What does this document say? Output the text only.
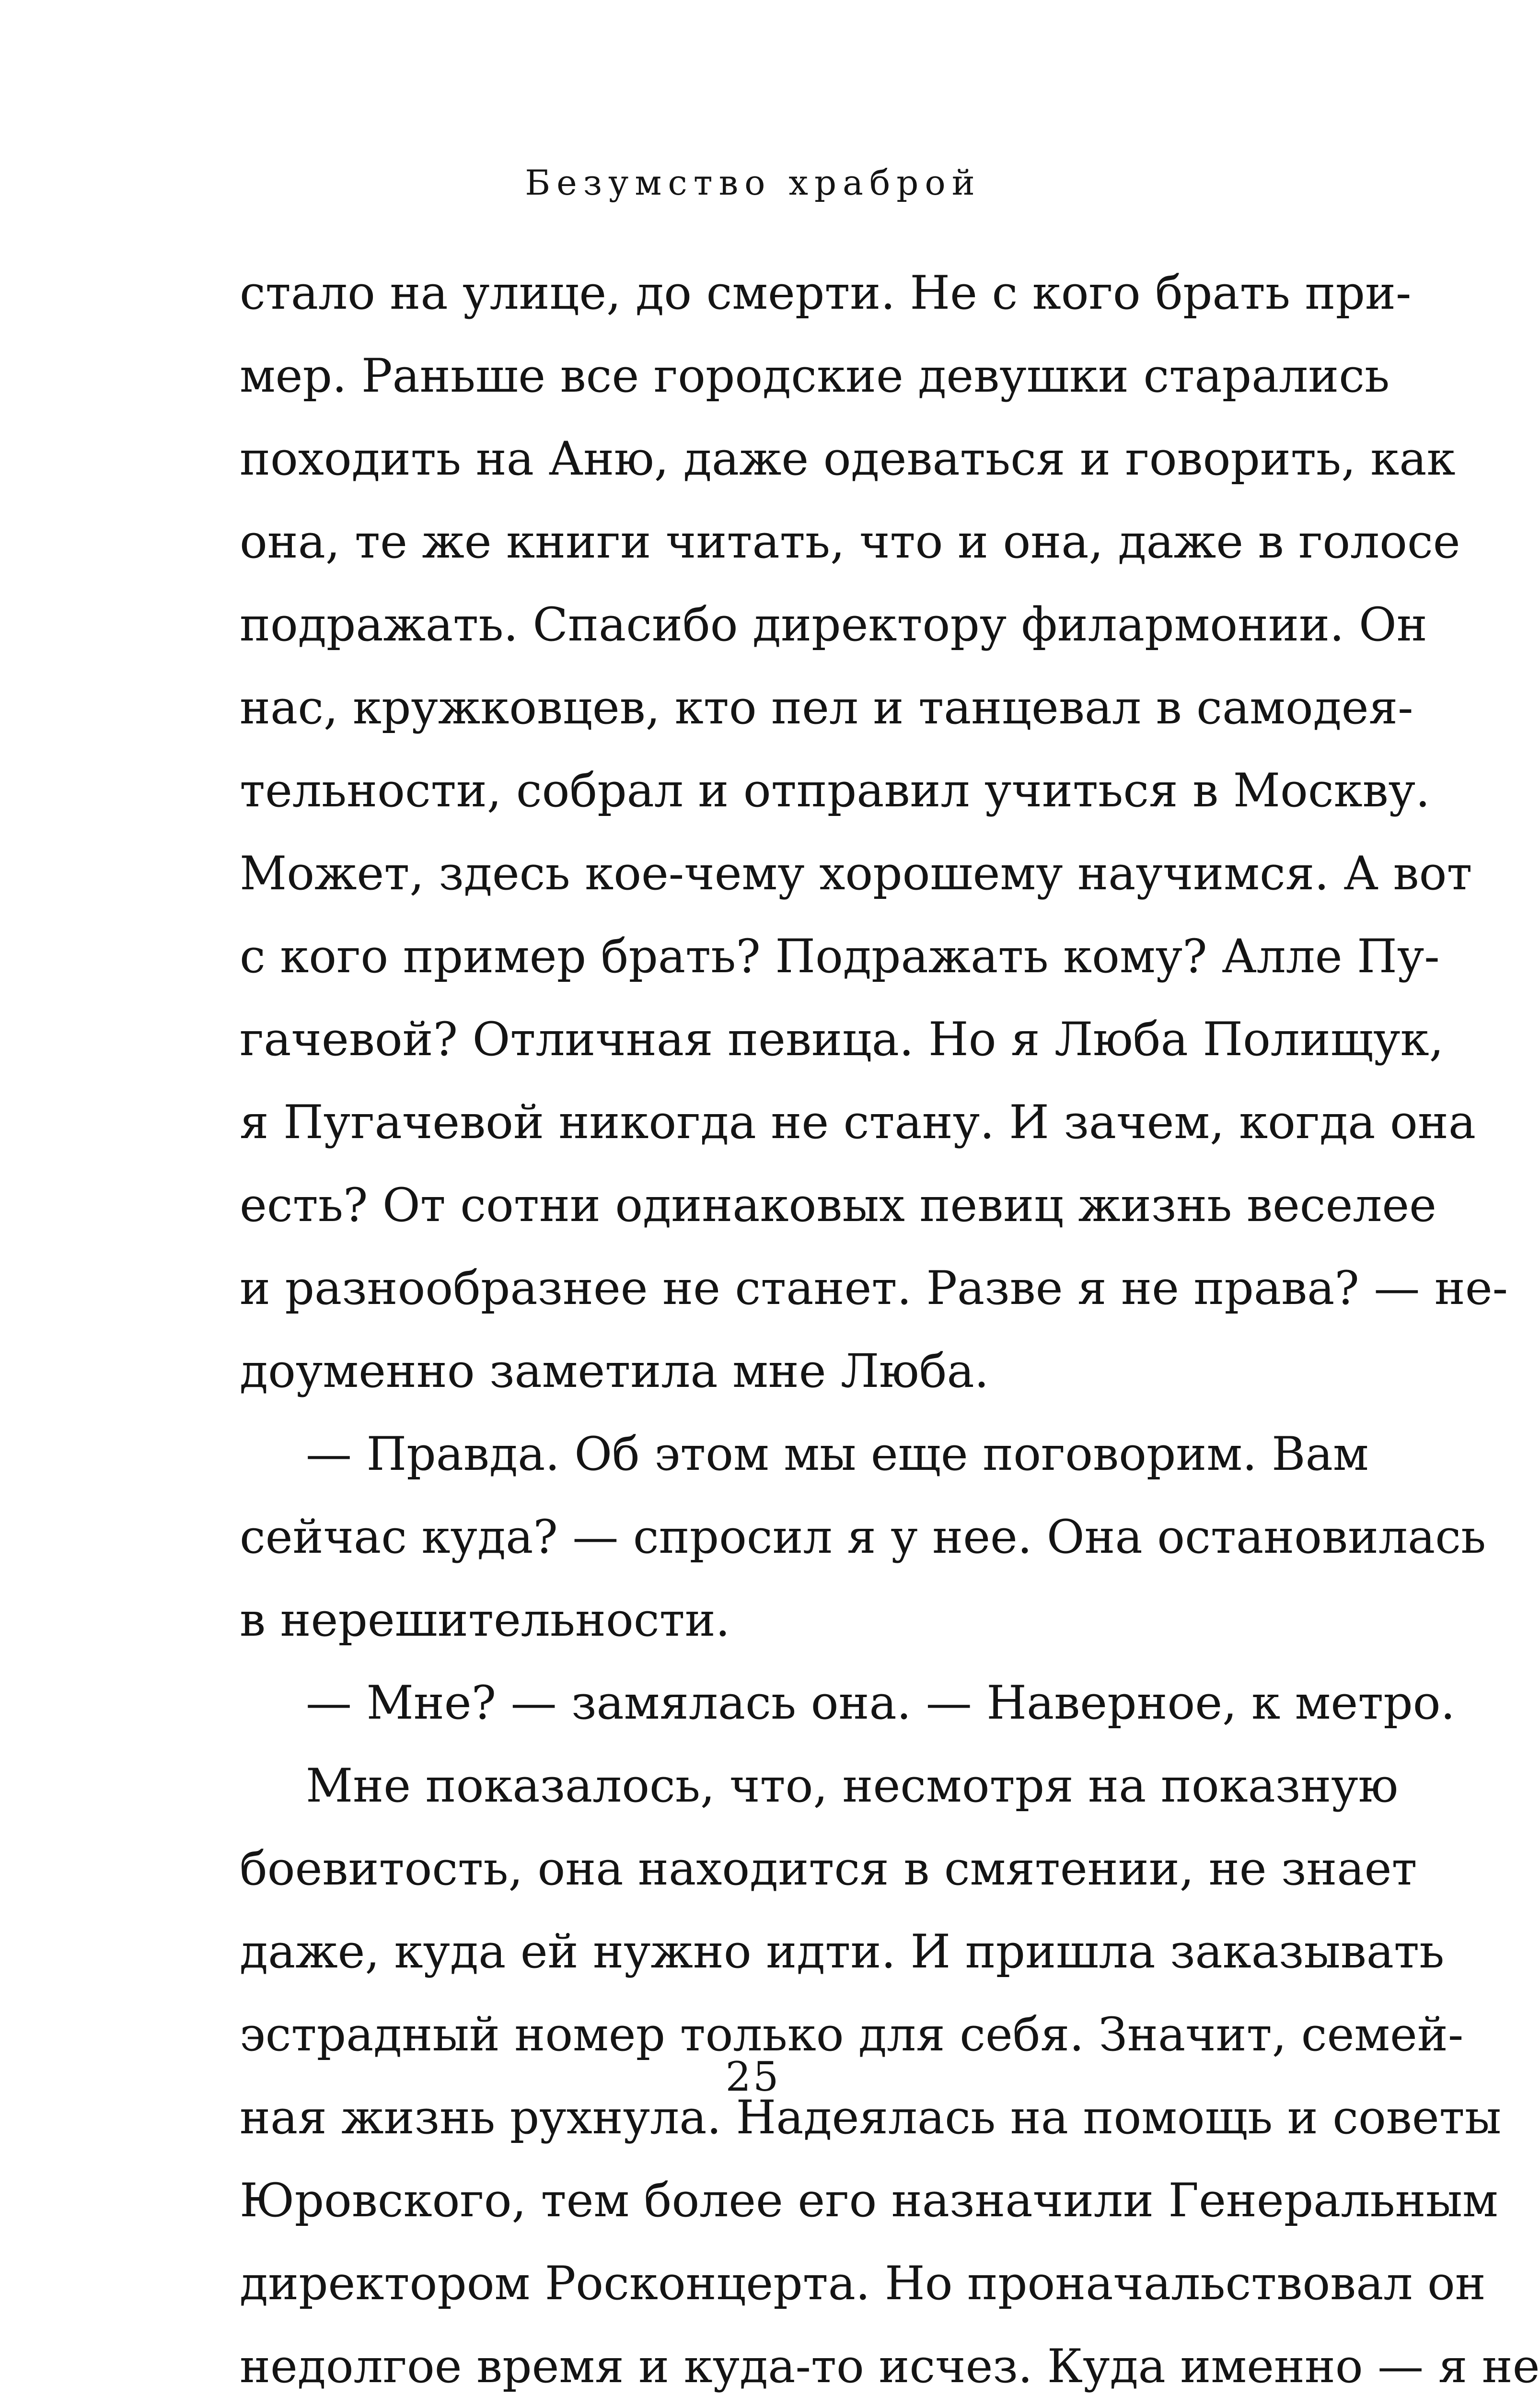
Безумство храброй
стало на улице, до смерти. Не с кого брать при-
мер. Раньше все городские девушки старались
походить на Аню, даже одеваться и говорить, как
она, те же книги читать, что и она, даже в голосе
подражать. Спасибо директору филармонии. Он
нас, кружковцев, кто пел и танцевал в самодея-
тельности, собрал и отправил учиться в Москву.
Может, здесь кое-чему хорошему научимся. А вот
с кого пример брать? Подражать кому? Алле Пу-
гачевой? Отличная певица. Но я Люба Полищук,
я Пугачевой никогда не стану. И зачем, когда она
есть? От сотни одинаковых певиц жизнь веселее
и разнообразнее не станет. Разве я не права? — не-
доуменно заметила мне Люба.
— Правда. Об этом мы еще поговорим. Вам
сейчас куда? — спросил я у нее. Она остановилась
в нерешительности.
— Мне? — замялась она. — Наверное, к метро.
Мне показалось, что, несмотря на показную
боевитость, она находится в смятении, не знает
даже, куда ей нужно идти. И пришла заказывать
эстрадный номер только для себя. Значит, семей-
ная жизнь рухнула. Надеялась на помощь и советы
Юровского, тем более его назначили Генеральным
директором Росконцерта. Но проначальствовал он
недолгое время и куда-то исчез. Куда именно — я не
25
